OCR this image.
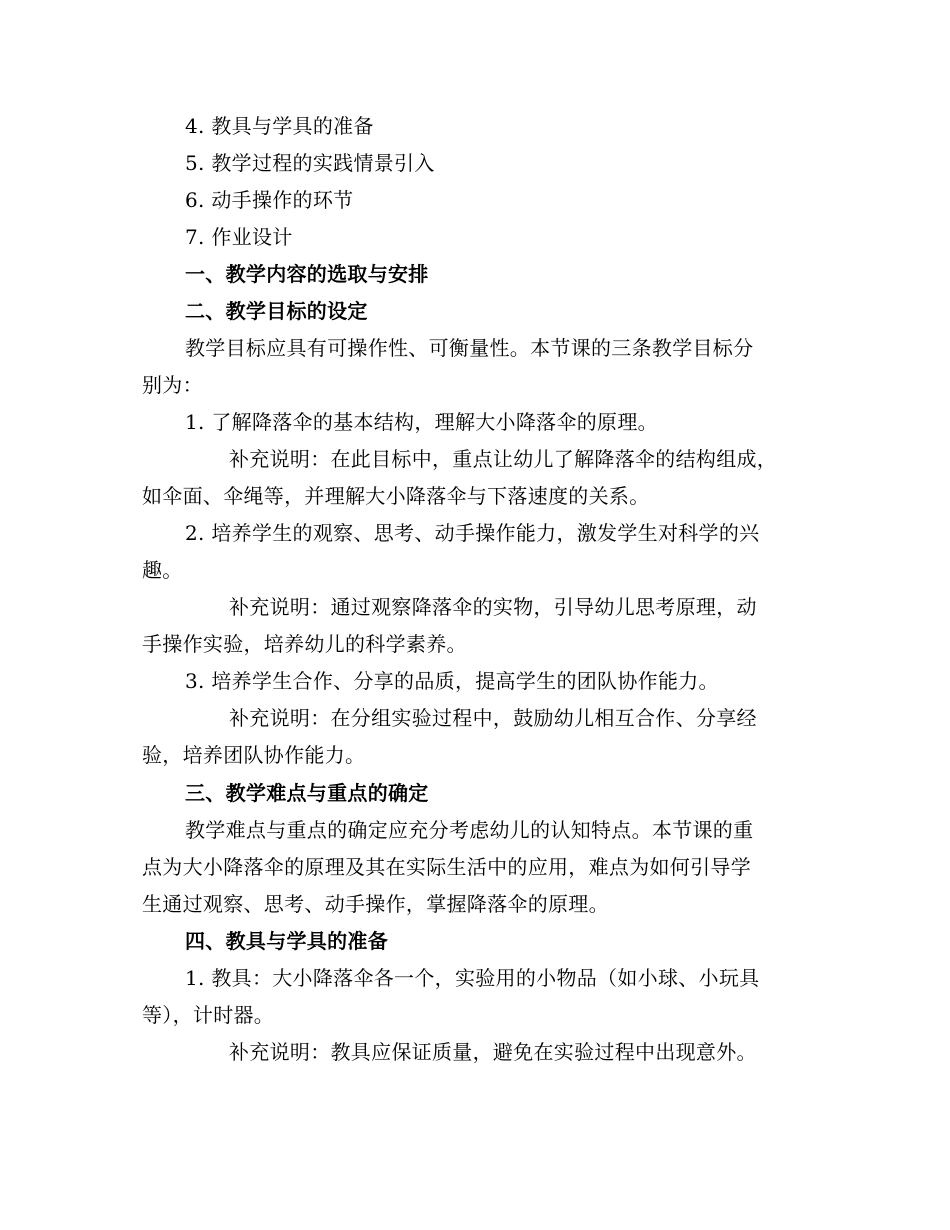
4. 教具与学具的准备
5. 教学过程的实践情景引入
6. 动手操作的环节
7. 作业设计
一、教学内容的选取与安排
二、教学目标的设定
教学目标应具有可操作性、可衡量性。本节课的三条教学目标分
别为：
1. 了解降落伞的基本结构，理解大小降落伞的原理。
补充说明：在此目标中，重点让幼儿了解降落伞的结构组成，
如伞面、伞绳等，并理解大小降落伞与下落速度的关系。
2. 培养学生的观察、思考、动手操作能力，激发学生对科学的兴
趣。
补充说明：通过观察降落伞的实物，引导幼儿思考原理，动
手操作实验，培养幼儿的科学素养。
3. 培养学生合作、分享的品质，提高学生的团队协作能力。
补充说明：在分组实验过程中，鼓励幼儿相互合作、分享经
验，培养团队协作能力。
三、教学难点与重点的确定
教学难点与重点的确定应充分考虑幼儿的认知特点。本节课的重
点为大小降落伞的原理及其在实际生活中的应用，难点为如何引导学
生通过观察、思考、动手操作，掌握降落伞的原理。
四、教具与学具的准备
1. 教具：大小降落伞各一个，实验用的小物品（如小球、小玩具
等），计时器。
补充说明：教具应保证质量，避免在实验过程中出现意外。
